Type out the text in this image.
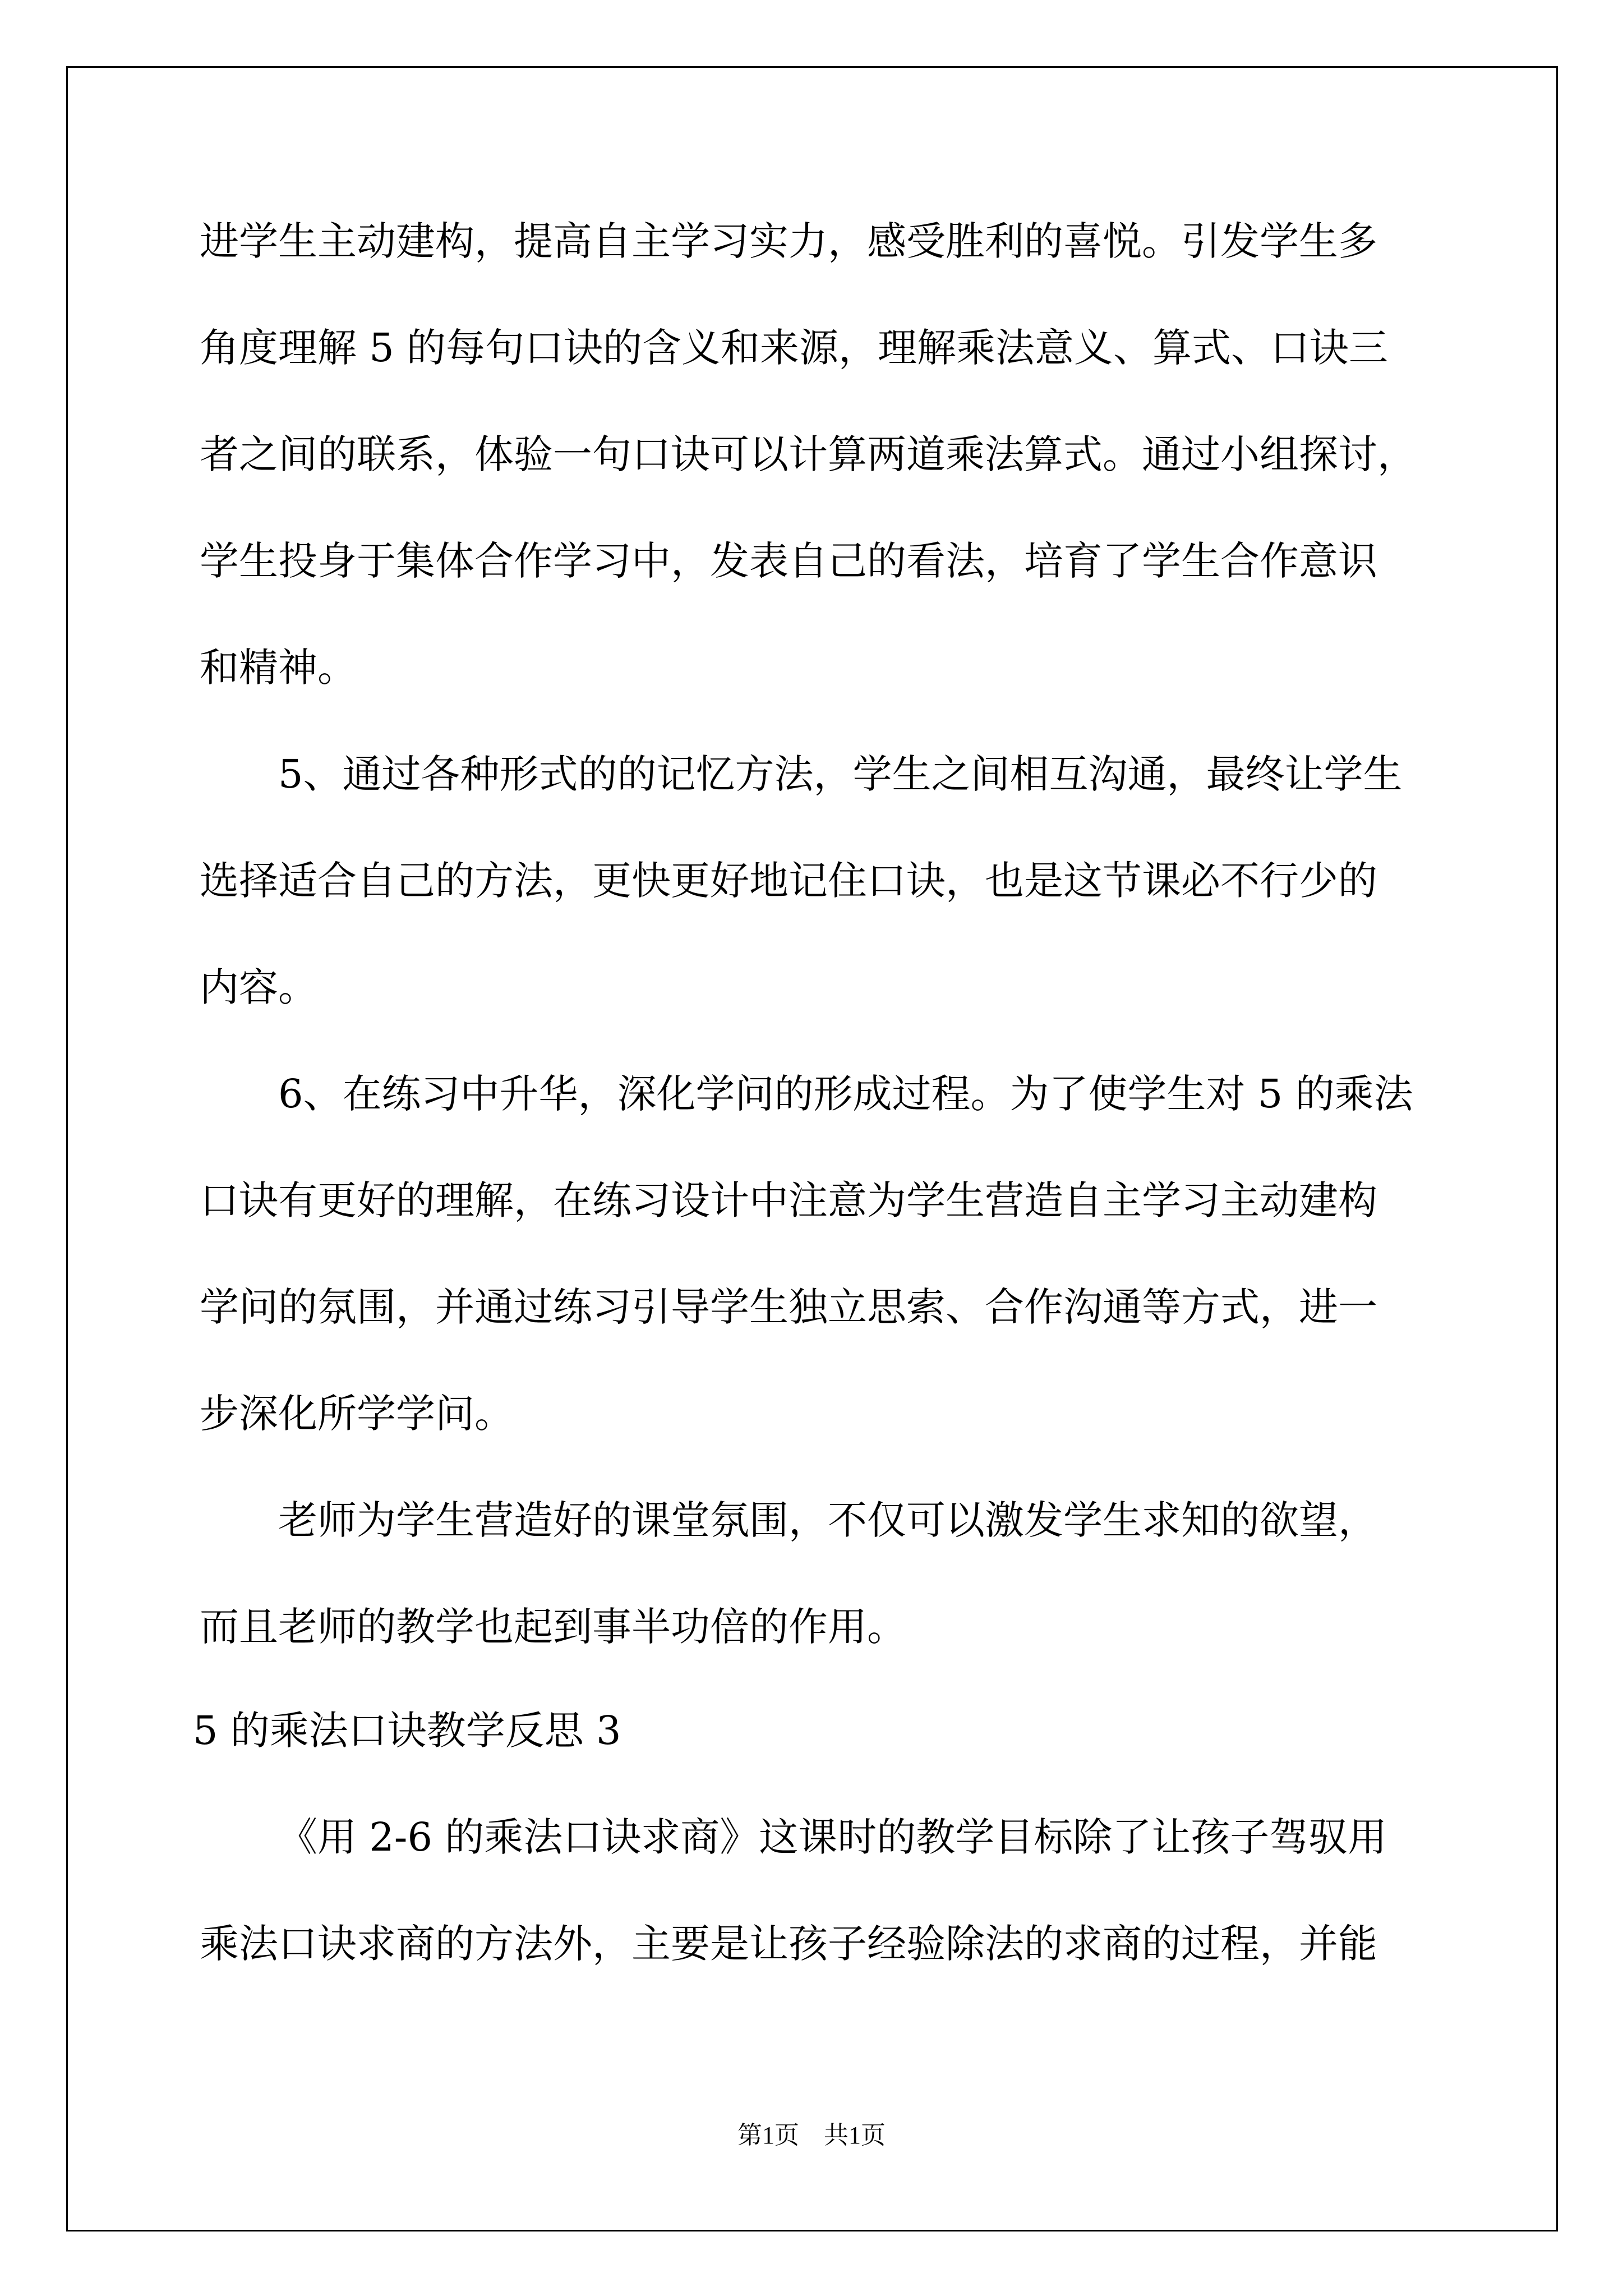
进学生主动建构，提高自主学习实力，感受胜利的喜悦。引发学生多
角度理解 5 的每句口诀的含义和来源，理解乘法意义、算式、口诀三
者之间的联系，体验一句口诀可以计算两道乘法算式。通过小组探讨，
学生投身于集体合作学习中，发表自己的看法，培育了学生合作意识
和精神。
5、通过各种形式的的记忆方法，学生之间相互沟通，最终让学生
选择适合自己的方法，更快更好地记住口诀，也是这节课必不行少的
内容。
6、在练习中升华，深化学问的形成过程。为了使学生对 5 的乘法
口诀有更好的理解，在练习设计中注意为学生营造自主学习主动建构
学问的氛围，并通过练习引导学生独立思索、合作沟通等方式，进一
步深化所学学问。
老师为学生营造好的课堂氛围，不仅可以激发学生求知的欲望，
而且老师的教学也起到事半功倍的作用。
5 的乘法口诀教学反思 3
《用 2-6 的乘法口诀求商》这课时的教学目标除了让孩子驾驭用
乘法口诀求商的方法外，主要是让孩子经验除法的求商的过程，并能
第1页　共1页
